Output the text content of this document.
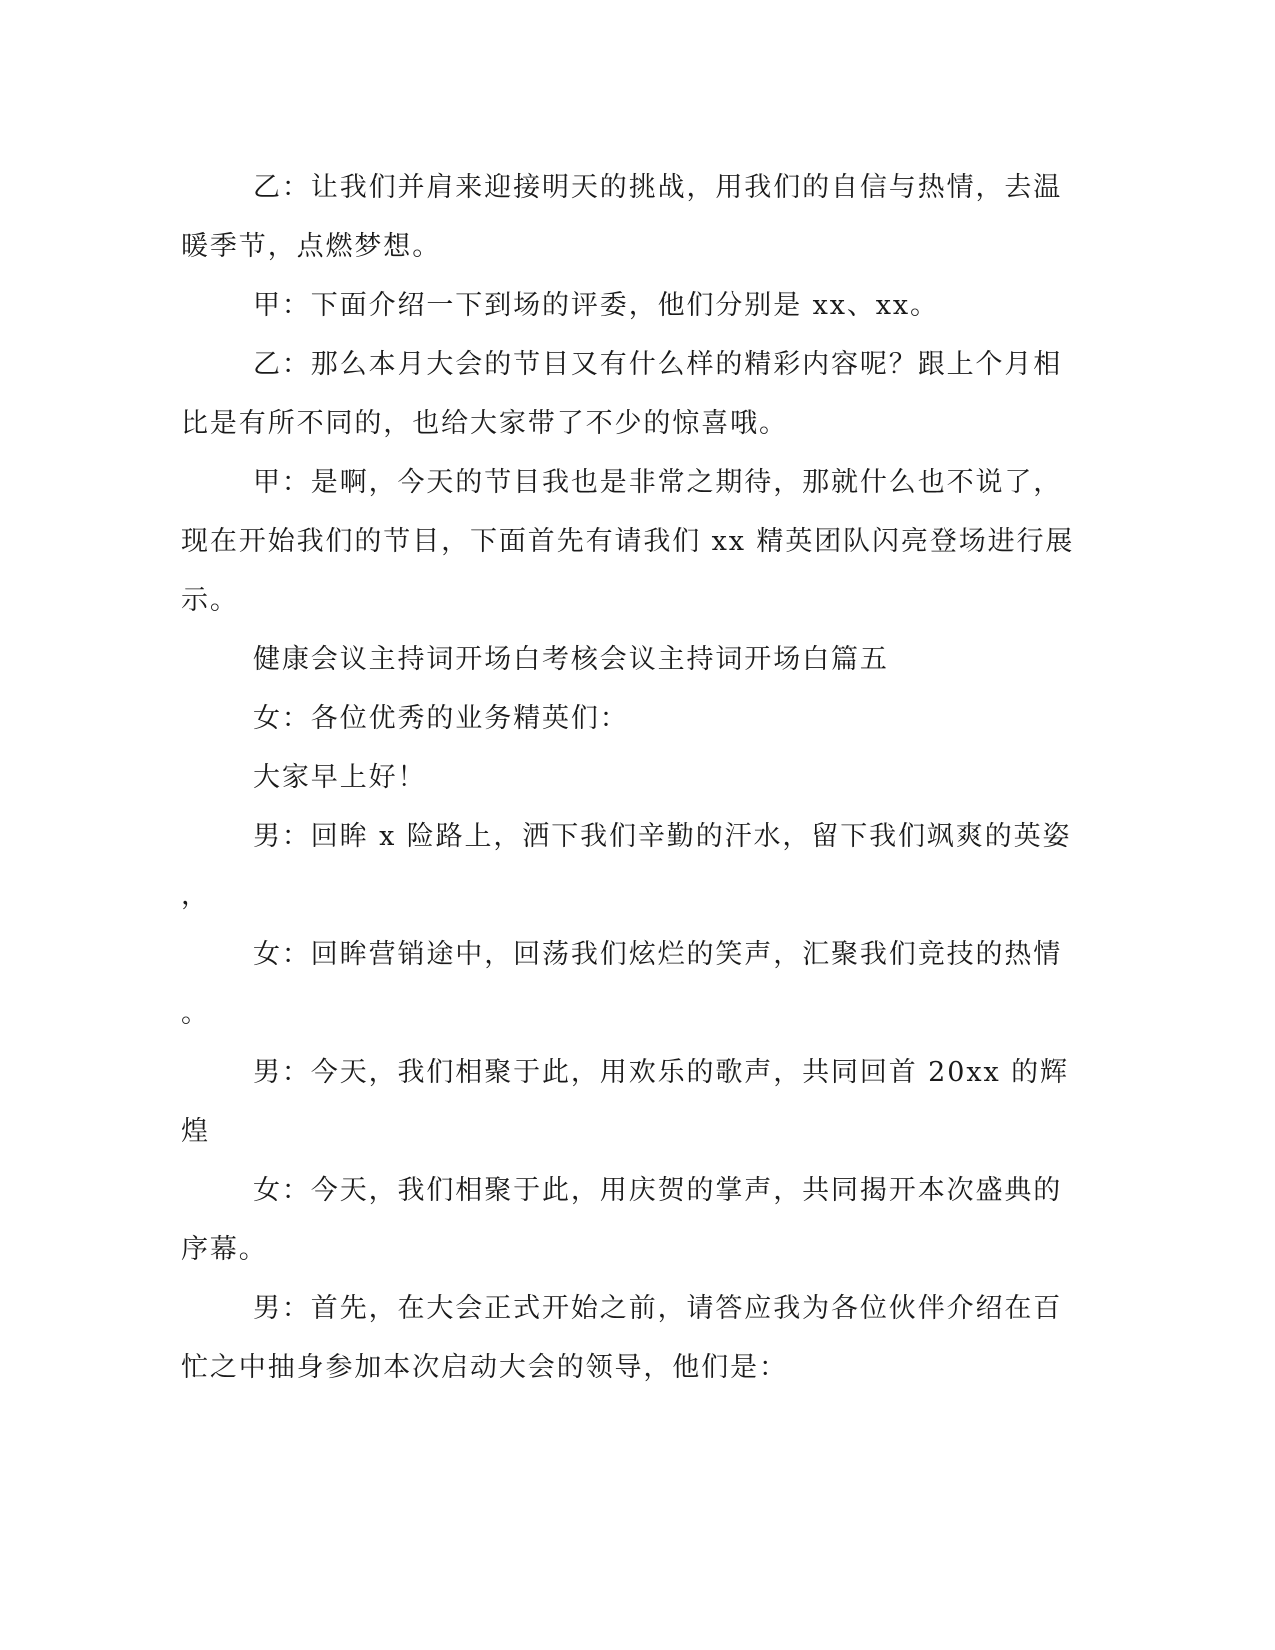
乙：让我们并肩来迎接明天的挑战，用我们的自信与热情，去温
暖季节，点燃梦想。
甲：下面介绍一下到场的评委，他们分别是 xx、xx。
乙：那么本月大会的节目又有什么样的精彩内容呢？跟上个月相
比是有所不同的，也给大家带了不少的惊喜哦。
甲：是啊，今天的节目我也是非常之期待，那就什么也不说了，
现在开始我们的节目，下面首先有请我们 xx 精英团队闪亮登场进行展
示。
健康会议主持词开场白考核会议主持词开场白篇五
女：各位优秀的业务精英们：
大家早上好！
男：回眸 x 险路上，洒下我们辛勤的汗水，留下我们飒爽的英姿
，
女：回眸营销途中，回荡我们炫烂的笑声，汇聚我们竞技的热情
。
男：今天，我们相聚于此，用欢乐的歌声，共同回首 20xx 的辉
煌
女：今天，我们相聚于此，用庆贺的掌声，共同揭开本次盛典的
序幕。
男：首先，在大会正式开始之前，请答应我为各位伙伴介绍在百
忙之中抽身参加本次启动大会的领导，他们是：
